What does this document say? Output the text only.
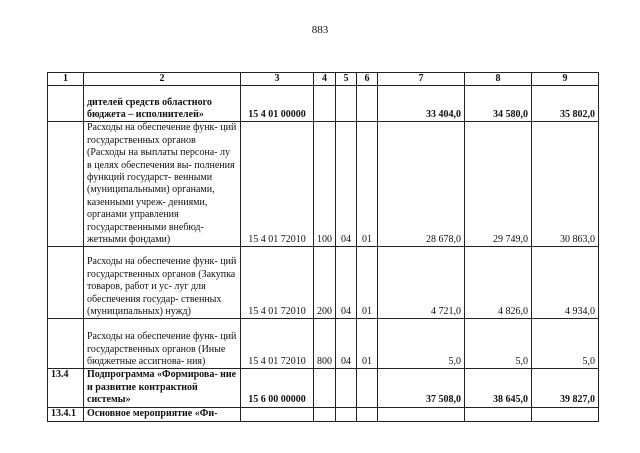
883
1	2	3	4	5	6	7	8	9
	дителей средств областного бюджета – исполнителей»	15 4 01 00000				33 404,0	34 580,0	35 802,0
	Расходы на обеспечение функ- ций государственных органов (Расходы на выплаты персона- лу в целях обеспечения вы- полнения функций государст- венными (муниципальными) органами, казенными учреж- дениями, органами управления государственными внебюд- жетными фондами)	15 4 01 72010	100	04	01	28 678,0	29 749,0	30 863,0
	Расходы на обеспечение функ- ций государственных органов (Закупка товаров, работ и ус- луг для обеспечения государ- ственных (муниципальных) нужд)	15 4 01 72010	200	04	01	4 721,0	4 826,0	4 934,0
	Расходы на обеспечение функ- ций государственных органов (Иные бюджетные ассигнова- ния)	15 4 01 72010	800	04	01	5,0	5,0	5,0
13.4	Подпрограмма «Формирова- ние и развитие контрактной системы»	15 6 00 00000				37 508,0	38 645,0	39 827,0
13.4.1	Основное мероприятие «Фи-							
